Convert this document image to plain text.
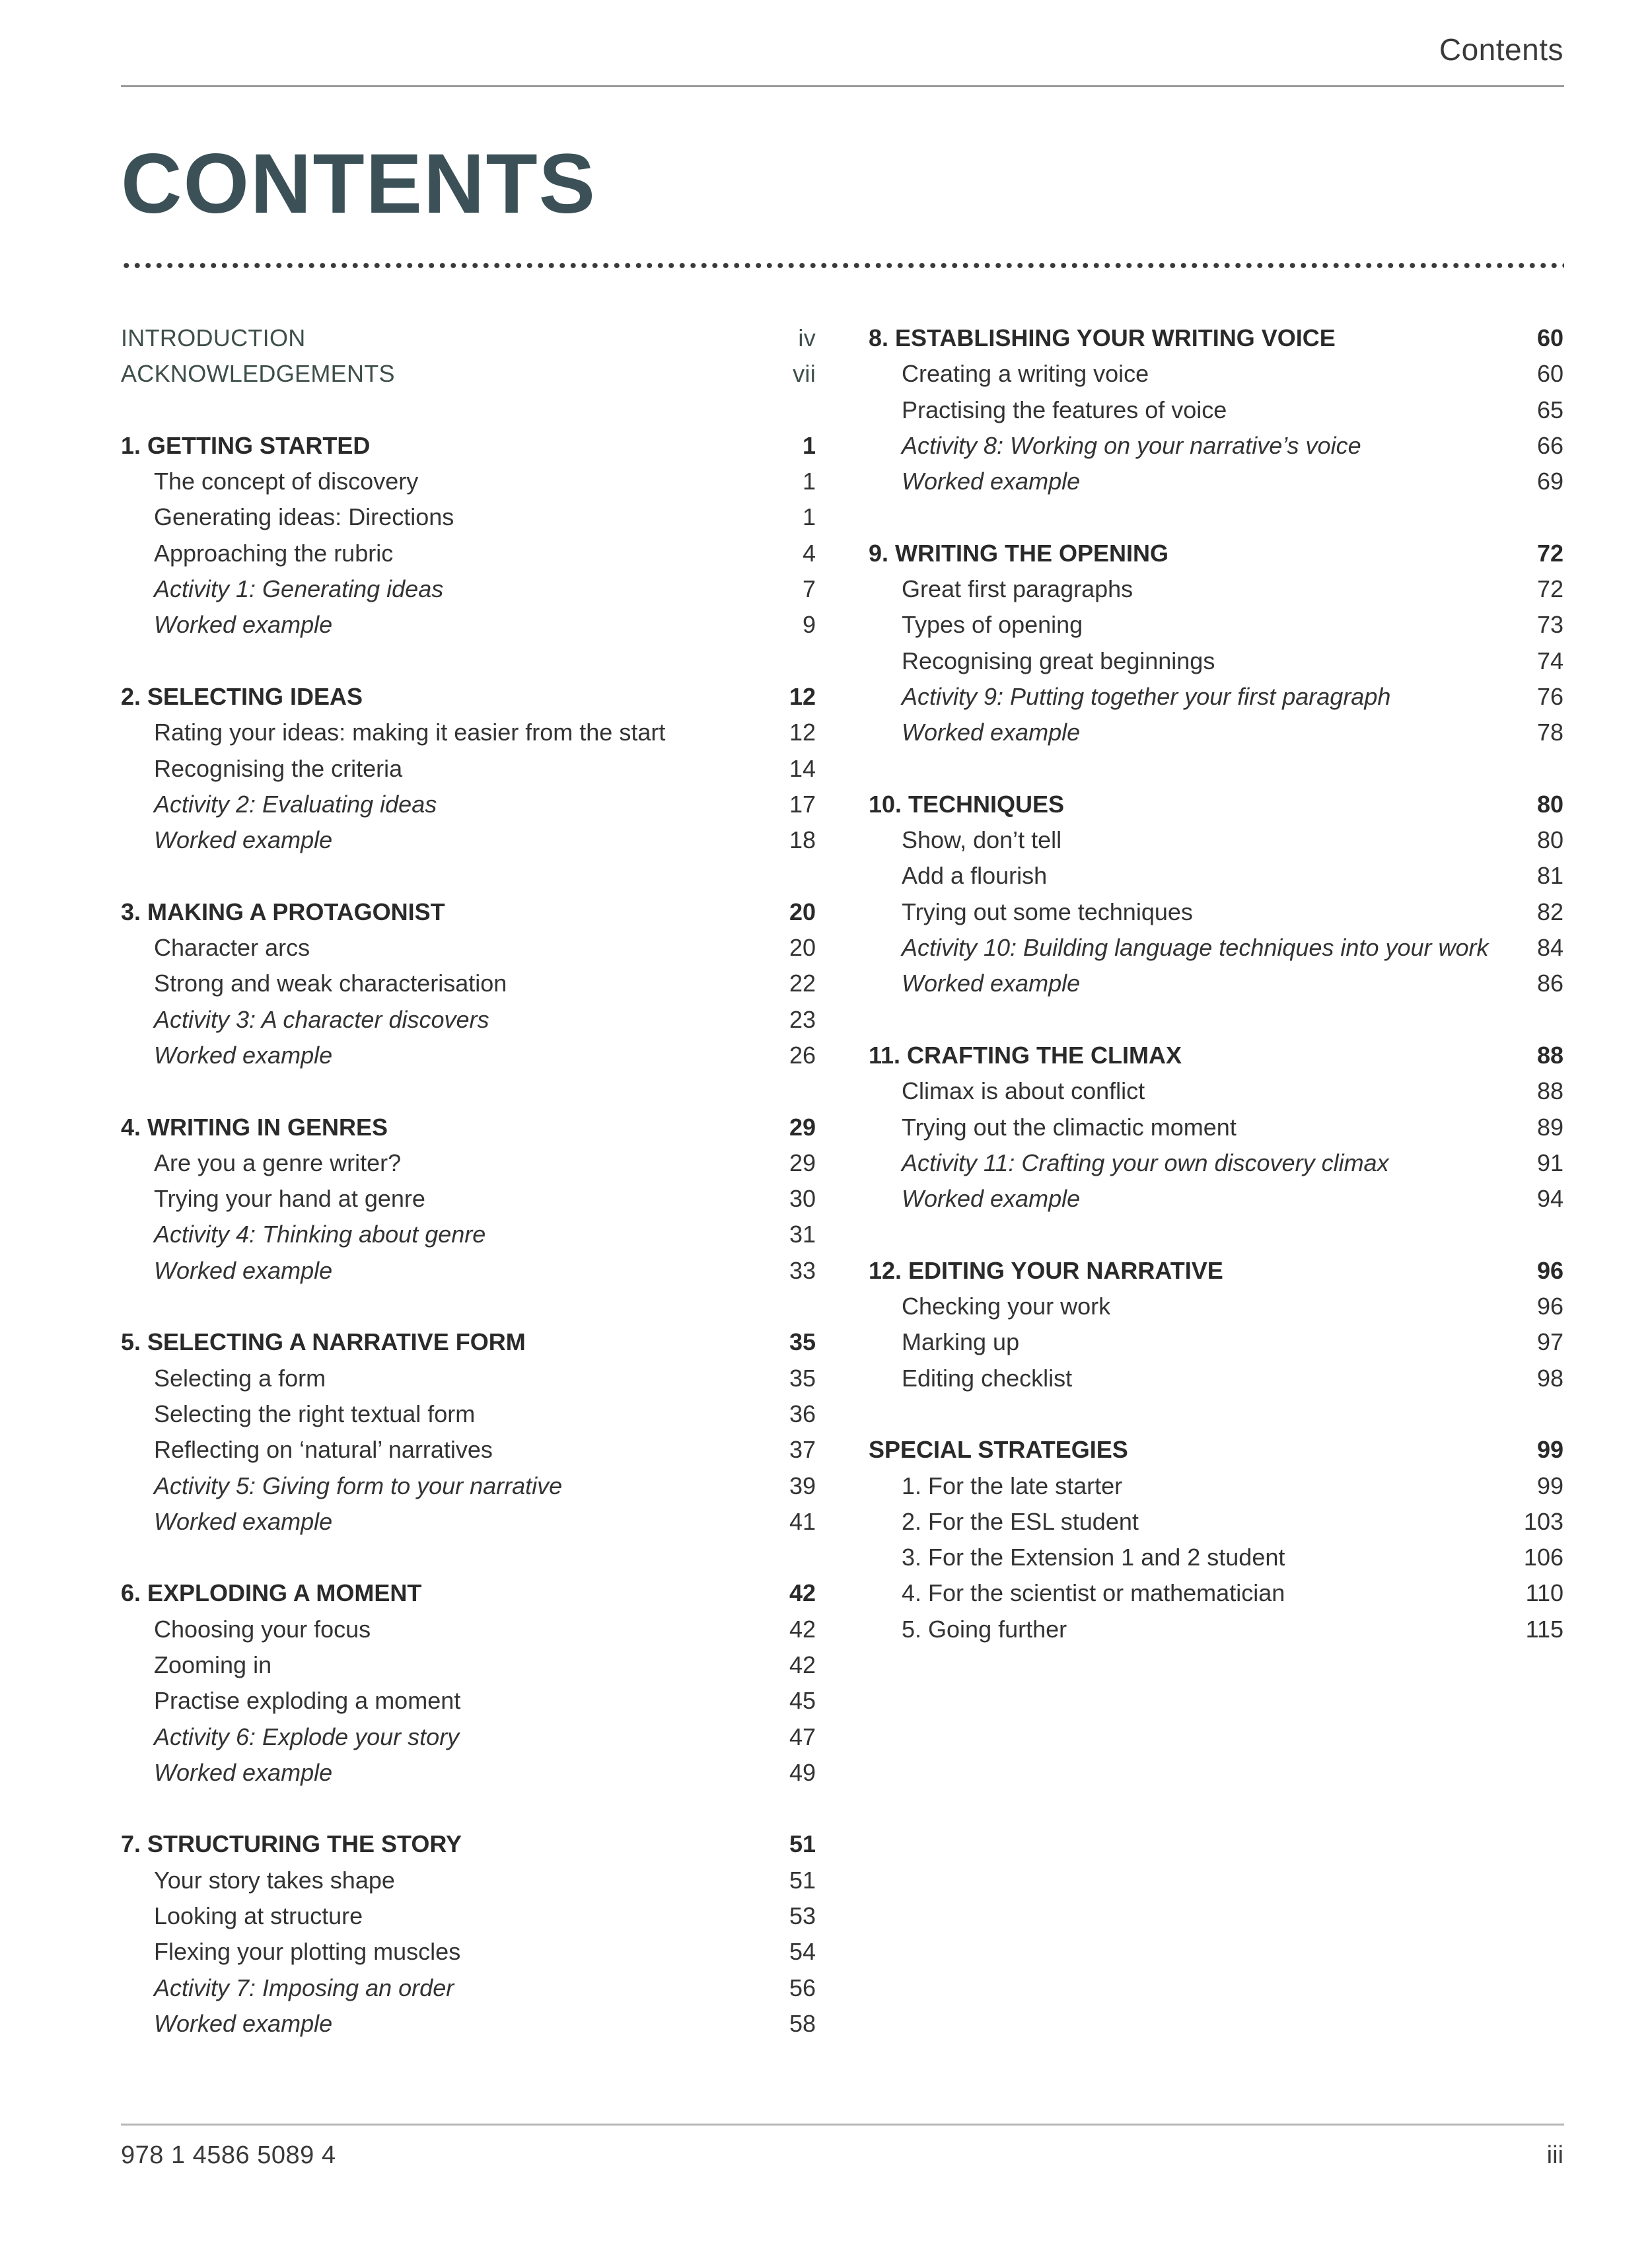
Contents
CONTENTS
INTRODUCTION	iv
ACKNOWLEDGEMENTS	vii
1. GETTING STARTED	1
The concept of discovery	1
Generating ideas: Directions	1
Approaching the rubric	4
Activity 1: Generating ideas	7
Worked example	9
2. SELECTING IDEAS	12
Rating your ideas: making it easier from the start	12
Recognising the criteria	14
Activity 2: Evaluating ideas	17
Worked example	18
3. MAKING A PROTAGONIST	20
Character arcs	20
Strong and weak characterisation	22
Activity 3: A character discovers	23
Worked example	26
4. WRITING IN GENRES	29
Are you a genre writer?	29
Trying your hand at genre	30
Activity 4: Thinking about genre	31
Worked example	33
5. SELECTING A NARRATIVE FORM	35
Selecting a form	35
Selecting the right textual form	36
Reflecting on ‘natural’ narratives	37
Activity 5: Giving form to your narrative	39
Worked example	41
6. EXPLODING A MOMENT	42
Choosing your focus	42
Zooming in	42
Practise exploding a moment	45
Activity 6: Explode your story	47
Worked example	49
7. STRUCTURING THE STORY	51
Your story takes shape	51
Looking at structure	53
Flexing your plotting muscles	54
Activity 7: Imposing an order	56
Worked example	58
8. ESTABLISHING YOUR WRITING VOICE	60
Creating a writing voice	60
Practising the features of voice	65
Activity 8: Working on your narrative’s voice	66
Worked example	69
9. WRITING THE OPENING	72
Great first paragraphs	72
Types of opening	73
Recognising great beginnings	74
Activity 9: Putting together your first paragraph	76
Worked example	78
10. TECHNIQUES	80
Show, don’t tell	80
Add a flourish	81
Trying out some techniques	82
Activity 10: Building language techniques into your work	84
Worked example	86
11. CRAFTING THE CLIMAX	88
Climax is about conflict	88
Trying out the climactic moment	89
Activity 11: Crafting your own discovery climax	91
Worked example	94
12. EDITING YOUR NARRATIVE	96
Checking your work	96
Marking up	97
Editing checklist	98
SPECIAL STRATEGIES	99
1. For the late starter	99
2. For the ESL student	103
3. For the Extension 1 and 2 student	106
4. For the scientist or mathematician	110
5. Going further	115
978 1 4586 5089 4	iii
